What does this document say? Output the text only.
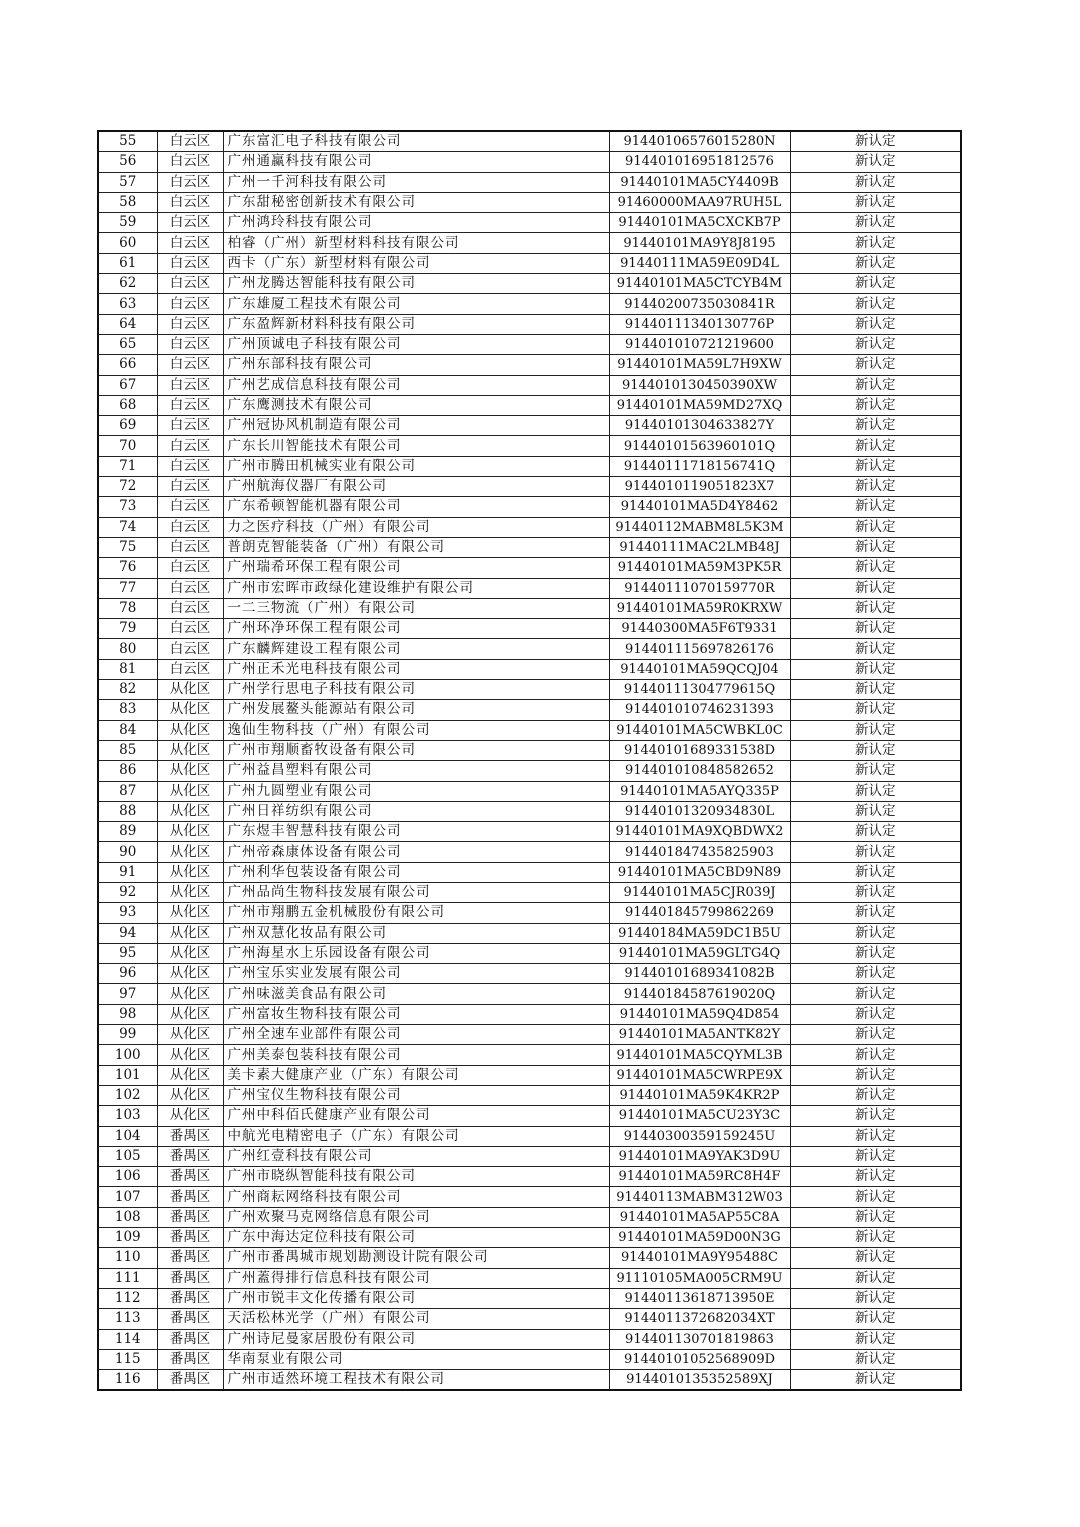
55	白云区	广东富汇电子科技有限公司	91440106576015280N	新认定
56	白云区	广州通赢科技有限公司	914401016951812576	新认定
57	白云区	广州一千河科技有限公司	91440101MA5CY4409B	新认定
58	白云区	广东甜秘密创新技术有限公司	91460000MAA97RUH5L	新认定
59	白云区	广州鸿玲科技有限公司	91440101MA5CXCKB7P	新认定
60	白云区	柏睿（广州）新型材料科技有限公司	91440101MA9Y8J8195	新认定
61	白云区	西卡（广东）新型材料有限公司	91440111MA59E09D4L	新认定
62	白云区	广州龙腾达智能科技有限公司	91440101MA5CTCYB4M	新认定
63	白云区	广东雄厦工程技术有限公司	91440200735030841R	新认定
64	白云区	广东盈辉新材料科技有限公司	91440111340130776P	新认定
65	白云区	广州顶诚电子科技有限公司	914401010721219600	新认定
66	白云区	广州东部科技有限公司	91440101MA59L7H9XW	新认定
67	白云区	广州艺成信息科技有限公司	9144010130450390XW	新认定
68	白云区	广东鹰测技术有限公司	91440101MA59MD27XQ	新认定
69	白云区	广州冠协风机制造有限公司	91440101304633827Y	新认定
70	白云区	广东长川智能技术有限公司	91440101563960101Q	新认定
71	白云区	广州市腾田机械实业有限公司	91440111718156741Q	新认定
72	白云区	广州航海仪器厂有限公司	9144010119051823X7	新认定
73	白云区	广东希顿智能机器有限公司	91440101MA5D4Y8462	新认定
74	白云区	力之医疗科技（广州）有限公司	91440112MABM8L5K3M	新认定
75	白云区	普朗克智能装备（广州）有限公司	91440111MAC2LMB48J	新认定
76	白云区	广州瑞希环保工程有限公司	91440101MA59M3PK5R	新认定
77	白云区	广州市宏晖市政绿化建设维护有限公司	91440111070159770R	新认定
78	白云区	一二三物流（广州）有限公司	91440101MA59R0KRXW	新认定
79	白云区	广州环净环保工程有限公司	91440300MA5F6T9331	新认定
80	白云区	广东麟辉建设工程有限公司	914401115697826176	新认定
81	白云区	广州正禾光电科技有限公司	91440101MA59QCQJ04	新认定
82	从化区	广州学行思电子科技有限公司	91440111304779615Q	新认定
83	从化区	广州发展鳌头能源站有限公司	914401010746231393	新认定
84	从化区	逸仙生物科技（广州）有限公司	91440101MA5CWBKL0C	新认定
85	从化区	广州市翔顺畜牧设备有限公司	91440101689331538D	新认定
86	从化区	广州益昌塑料有限公司	914401010848582652	新认定
87	从化区	广州九圆塑业有限公司	91440101MA5AYQ335P	新认定
88	从化区	广州日祥纺织有限公司	91440101320934830L	新认定
89	从化区	广东煜丰智慧科技有限公司	91440101MA9XQBDWX2	新认定
90	从化区	广州帝森康体设备有限公司	914401847435825903	新认定
91	从化区	广州利华包装设备有限公司	91440101MA5CBD9N89	新认定
92	从化区	广州品尚生物科技发展有限公司	91440101MA5CJR039J	新认定
93	从化区	广州市翔鹏五金机械股份有限公司	914401845799862269	新认定
94	从化区	广州双慧化妆品有限公司	91440184MA59DC1B5U	新认定
95	从化区	广州海星水上乐园设备有限公司	91440101MA59GLTG4Q	新认定
96	从化区	广州宝乐实业发展有限公司	91440101689341082B	新认定
97	从化区	广州味滋美食品有限公司	91440184587619020Q	新认定
98	从化区	广州富妆生物科技有限公司	91440101MA59Q4D854	新认定
99	从化区	广州全速车业部件有限公司	91440101MA5ANTK82Y	新认定
100	从化区	广州美泰包装科技有限公司	91440101MA5CQYML3B	新认定
101	从化区	美卡素大健康产业（广东）有限公司	91440101MA5CWRPE9X	新认定
102	从化区	广州宝仪生物科技有限公司	91440101MA59K4KR2P	新认定
103	从化区	广州中科佰氏健康产业有限公司	91440101MA5CU23Y3C	新认定
104	番禺区	中航光电精密电子（广东）有限公司	91440300359159245U	新认定
105	番禺区	广州红壹科技有限公司	91440101MA9YAK3D9U	新认定
106	番禺区	广州市晓纵智能科技有限公司	91440101MA59RC8H4F	新认定
107	番禺区	广州商耘网络科技有限公司	91440113MABM312W03	新认定
108	番禺区	广州欢聚马克网络信息有限公司	91440101MA5AP55C8A	新认定
109	番禺区	广东中海达定位科技有限公司	91440101MA59D00N3G	新认定
110	番禺区	广州市番禺城市规划勘测设计院有限公司	91440101MA9Y95488C	新认定
111	番禺区	广州蓋得排行信息科技有限公司	91110105MA005CRM9U	新认定
112	番禺区	广州市锐丰文化传播有限公司	91440113618713950E	新认定
113	番禺区	天活松林光学（广州）有限公司	9144011372682034XT	新认定
114	番禺区	广州诗尼曼家居股份有限公司	914401130701819863	新认定
115	番禺区	华南泵业有限公司	91440101052568909D	新认定
116	番禺区	广州市适然环境工程技术有限公司	9144010135352589XJ	新认定
